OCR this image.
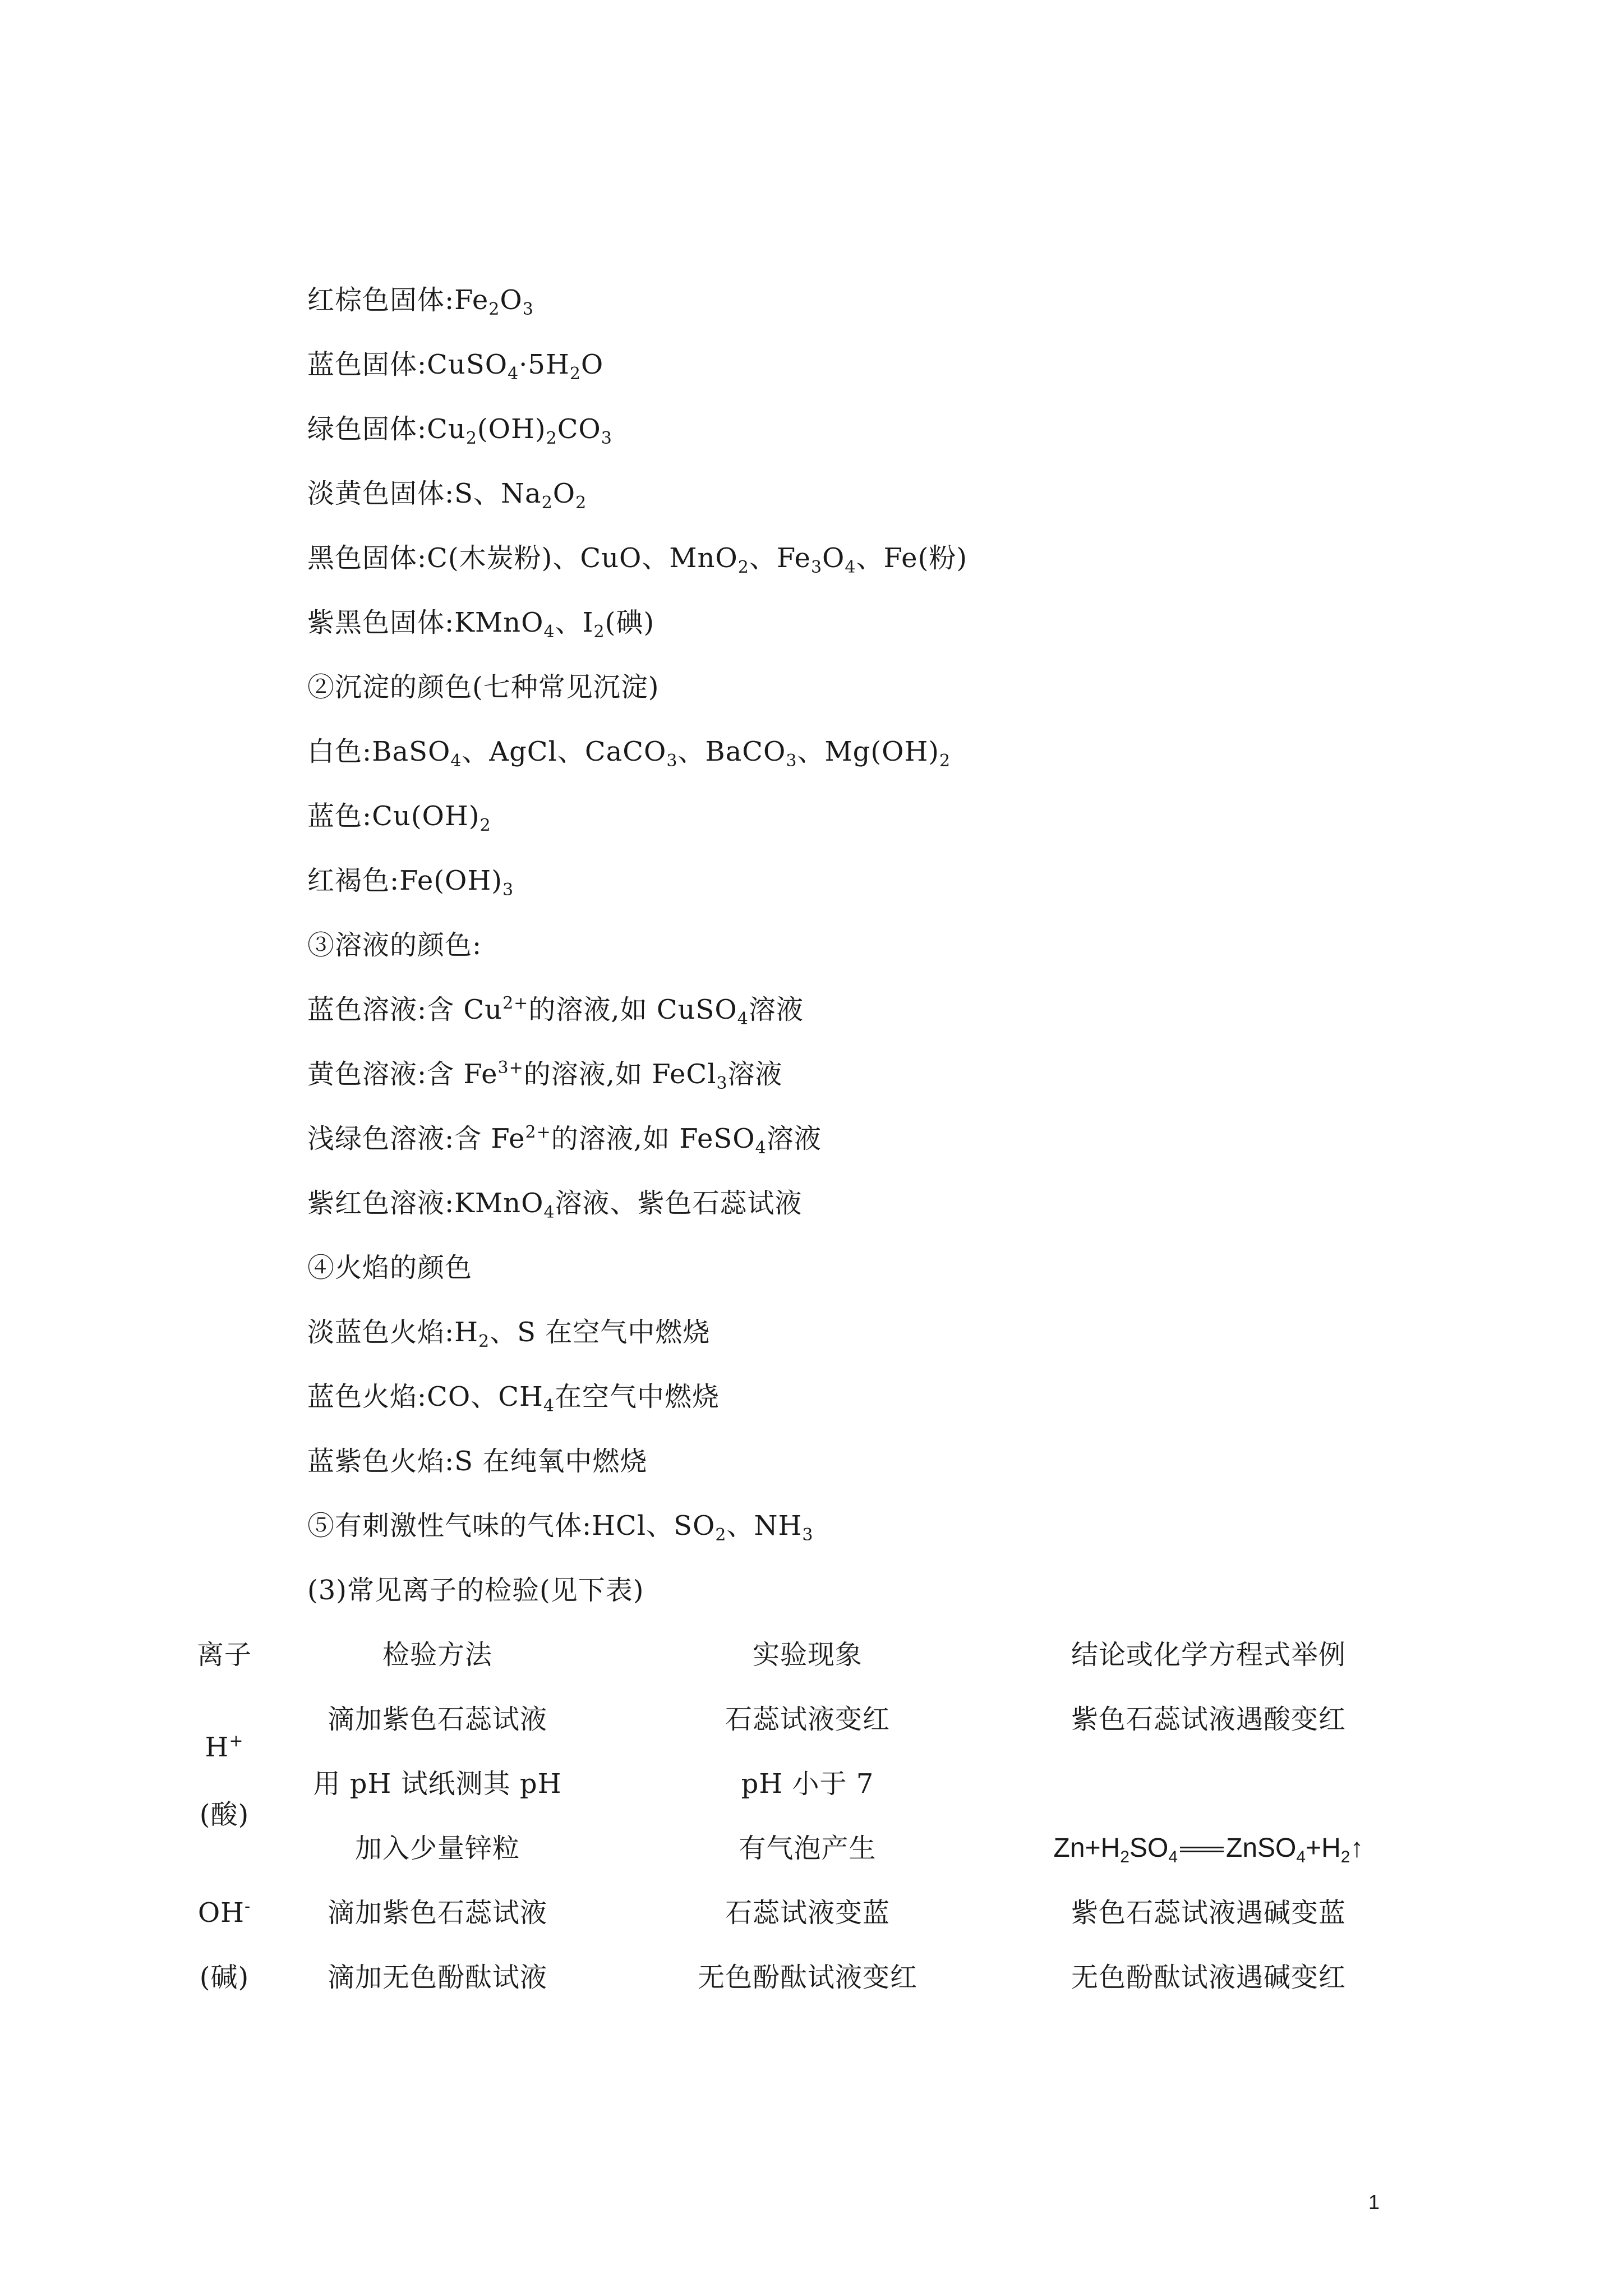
红棕色固体$:Fe_2O_3$
蓝色固体$:CuSO_4\cdot 5H_2O$
绿色固体$:Cu_2(OH)_2CO_3$
淡黄色固体:S、$Na_2O_2$
黑色固体:C(木炭粉)、CuO、MnO$_2$、$Fe_3O_4$、Fe(粉)
紫黑色固体:KMnO$_4$、$I_2$(碘)
②沉淀的颜色(七种常见沉淀)
白色:BaSO$_4$、AgCl、CaCO$_3$、BaCO$_3$、$Mg(OH)_2$
蓝色$:Cu(OH)_2$
红褐色$:Fe(OH)_3$
③溶液的颜色:
蓝色溶液:含 $Cu^{2+}$的溶液,如 CuSO$_4$溶液
黄色溶液:含 $Fe^{3+}$的溶液,如 FeCl$_3$溶液
浅绿色溶液:含 $Fe^{2+}$的溶液,如 FeSO$_4$溶液
紫红色溶液:KMnO$_4$溶液、紫色石蕊试液
④火焰的颜色
淡蓝色火焰$:H_2$、S 在空气中燃烧
蓝色火焰:CO、$CH_4$在空气中燃烧
蓝紫色火焰:S 在纯氧中燃烧
⑤有刺激性气味的气体:HCl、$SO_2$、$NH_3$
(3)常见离子的检验(见下表)
离子	检验方法	实验现象	结论或化学方程式举例
H+
(酸)
滴加紫色石蕊试液	石蕊试液变红	紫色石蕊试液遇酸变红
用 pH 试纸测其 pH	pH 小于 7
加入少量锌粒	有气泡产生	$Zn+H_2SO_4$ $ZnSO_4+H_2↑$
OH-
(碱)
滴加紫色石蕊试液	石蕊试液变蓝	紫色石蕊试液遇碱变蓝
滴加无色酚酞试液	无色酚酞试液变红	无色酚酞试液遇碱变红
1
